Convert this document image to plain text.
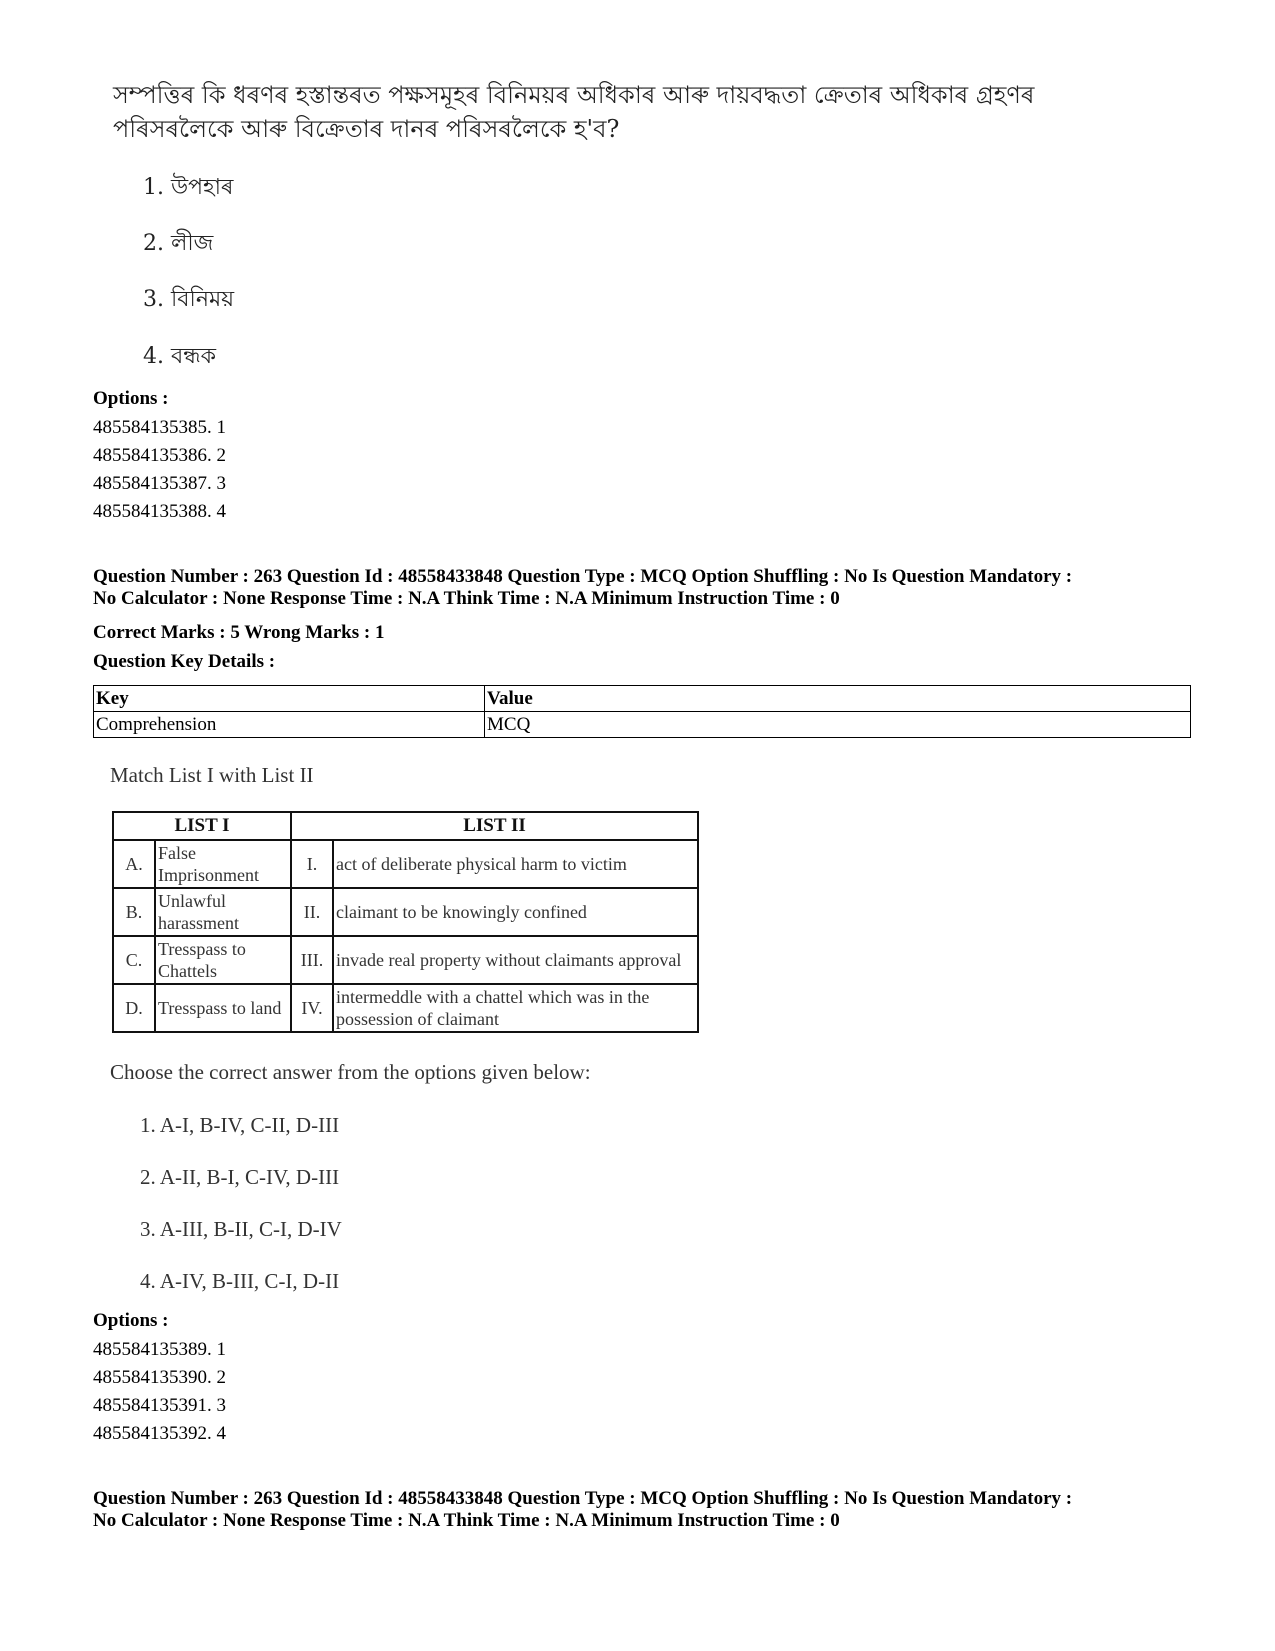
সম্পত্তিৰ কি ধৰণৰ হস্তান্তৰত পক্ষসমূহৰ বিনিময়ৰ অধিকাৰ আৰু দায়বদ্ধতা ক্ৰেতাৰ অধিকাৰ গ্ৰহণৰ
পৰিসৰলৈকে আৰু বিক্ৰেতাৰ দানৰ পৰিসৰলৈকে হ'ব?
1. উপহাৰ
2. লীজ
3. বিনিময়
4. বন্ধক
Options :
485584135385. 1
485584135386. 2
485584135387. 3
485584135388. 4
Question Number : 263 Question Id : 48558433848 Question Type : MCQ Option Shuffling : No Is Question Mandatory :
No Calculator : None Response Time : N.A Think Time : N.A Minimum Instruction Time : 0
Correct Marks : 5 Wrong Marks : 1
Question Key Details :
Key	Value
Comprehension	MCQ
Match List I with List II
LIST I		LIST II	
A.	False Imprisonment	I.	act of deliberate physical harm to victim
B.	Unlawful harassment	II.	claimant to be knowingly confined
C.	Tresspass to Chattels	III.	invade real property without claimants approval
D.	Tresspass to land	IV.	intermeddle with a chattel which was in the possession of claimant
Choose the correct answer from the options given below:
1. A-I, B-IV, C-II, D-III
2. A-II, B-I, C-IV, D-III
3. A-III, B-II, C-I, D-IV
4. A-IV, B-III, C-I, D-II
Options :
485584135389. 1
485584135390. 2
485584135391. 3
485584135392. 4
Question Number : 263 Question Id : 48558433848 Question Type : MCQ Option Shuffling : No Is Question Mandatory :
No Calculator : None Response Time : N.A Think Time : N.A Minimum Instruction Time : 0
